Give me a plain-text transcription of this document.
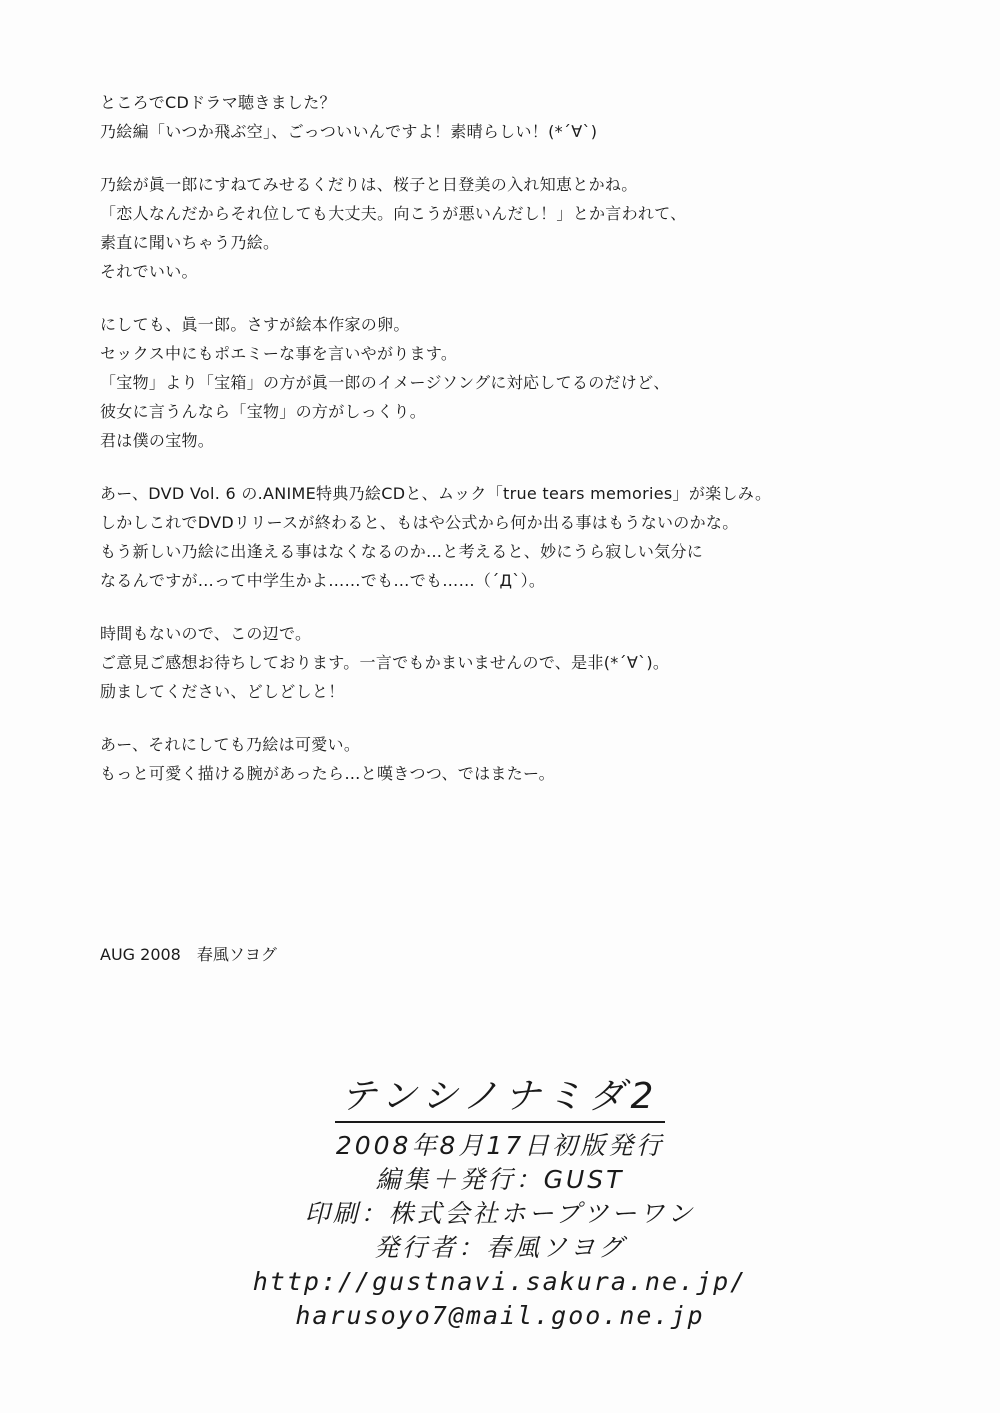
ところでCDドラマ聴きました？
乃絵編「いつか飛ぶ空」、ごっついいんですよ！素晴らしい！(*´∀`)
乃絵が眞一郎にすねてみせるくだりは、桜子と日登美の入れ知恵とかね。
「恋人なんだからそれ位しても大丈夫。向こうが悪いんだし！」とか言われて、
素直に聞いちゃう乃絵。
それでいい。
にしても、眞一郎。さすが絵本作家の卵。
セックス中にもポエミーな事を言いやがります。
「宝物」より「宝箱」の方が眞一郎のイメージソングに対応してるのだけど、
彼女に言うんなら「宝物」の方がしっくり。
君は僕の宝物。
あー、DVD Vol. 6 の.ANIME特典乃絵CDと、ムック「true tears memories」が楽しみ。
しかしこれでDVDリリースが終わると、もはや公式から何か出る事はもうないのかな。
もう新しい乃絵に出逢える事はなくなるのか…と考えると、妙にうら寂しい気分に
なるんですが…って中学生かよ……でも…でも……（´Д`）。
時間もないので、この辺で。
ご意見ご感想お待ちしております。一言でもかまいませんので、是非(*´∀`)。
励ましてください、どしどしと！
あー、それにしても乃絵は可愛い。
もっと可愛く描ける腕があったら…と嘆きつつ、ではまたー。
AUG 2008　春風ソヨグ
テンシノナミダ2
2008年8月17日初版発行
編集＋発行：GUST
印刷：株式会社ホープツーワン
発行者：春風ソヨグ
http://gustnavi.sakura.ne.jp/
harusoyo7@mail.goo.ne.jp
